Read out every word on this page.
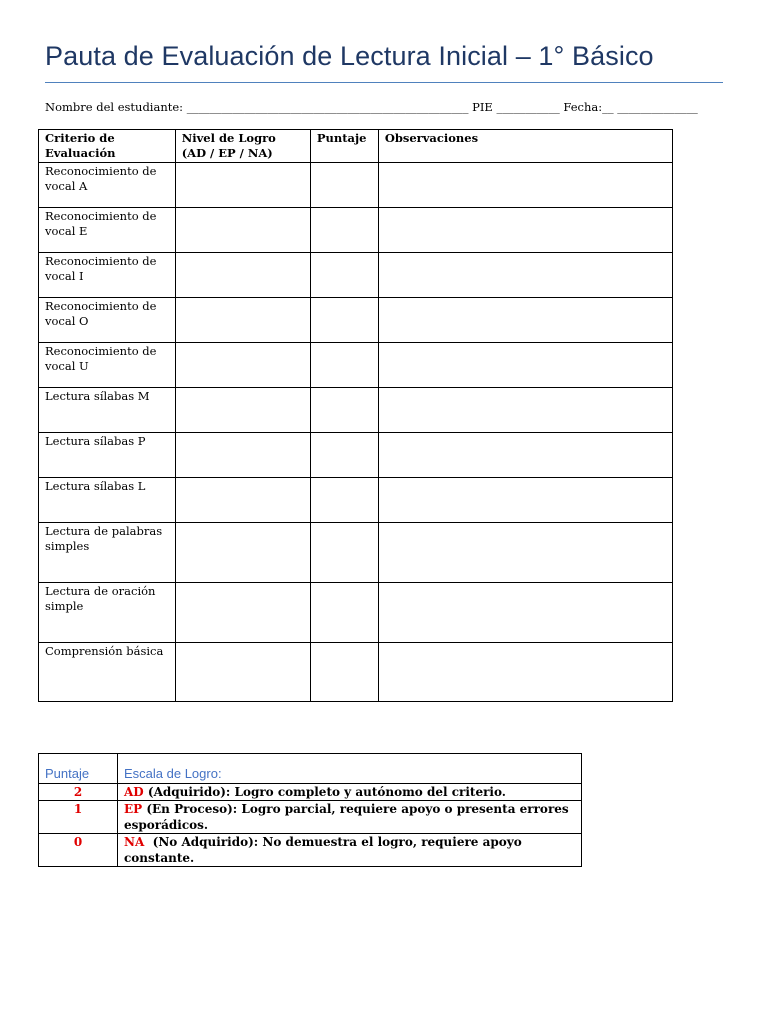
Pauta de Evaluación de Lectura Inicial – 1° Básico
Nombre del estudiante: _________________________________________________ PIE ___________ Fecha:__ ______________
Criterio de Evaluación	Nivel de Logro (AD / EP / NA)	Puntaje	Observaciones
Reconocimiento de vocal A			
Reconocimiento de vocal E			
Reconocimiento de vocal I			
Reconocimiento de vocal O			
Reconocimiento de vocal U			
Lectura sílabas M			
Lectura sílabas P			
Lectura sílabas L			
Lectura de palabras simples			
Lectura de oración simple			
Comprensión básica			
Puntaje	Escala de Logro:
2	AD (Adquirido): Logro completo y autónomo del criterio.
1	EP (En Proceso): Logro parcial, requiere apoyo o presenta errores esporádicos.
0	NA  (No Adquirido): No demuestra el logro, requiere apoyo constante.
